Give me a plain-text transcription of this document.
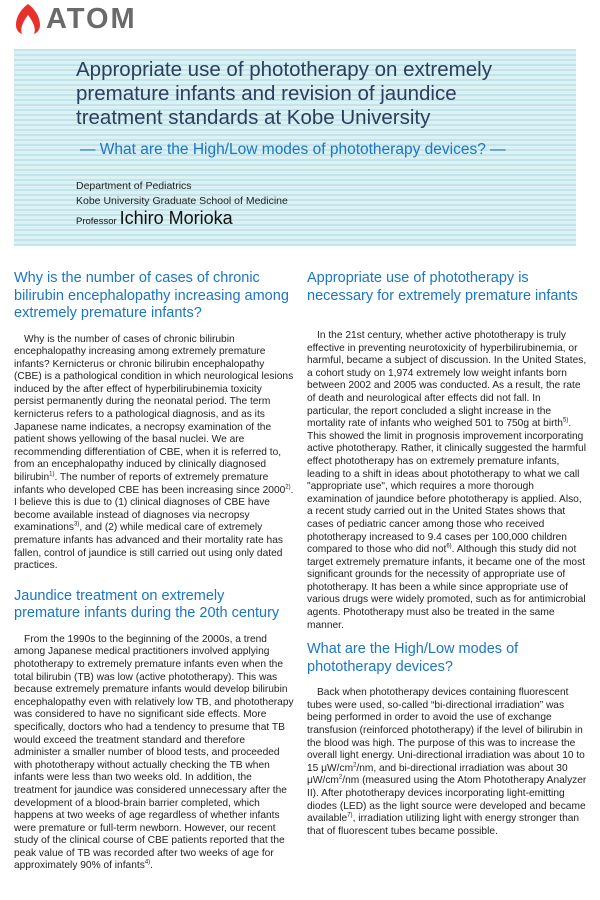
ATOM
Appropriate use of phototherapy on extremely premature infants and revision of jaundice treatment standards at Kobe University

— What are the High/Low modes of phototherapy devices? —

Department of Pediatrics
Kobe University Graduate School of Medicine
Professor Ichiro Morioka
Why is the number of cases of chronic bilirubin encephalopathy increasing among extremely premature infants?

Why is the number of cases of chronic bilirubin encephalopathy increasing among extremely premature infants? Kernicterus or chronic bilirubin encephalopathy (CBE) is a pathological condition in which neurological lesions induced by the after effect of hyperbilirubinemia toxicity persist permanently during the neonatal period. The term kernicterus refers to a pathological diagnosis, and as its Japanese name indicates, a necropsy examination of the patient shows yellowing of the basal nuclei. We are recommending differentiation of CBE, when it is referred to, from an encephalopathy induced by clinically diagnosed bilirubin$^{1)}$. The number of reports of extremely premature infants who developed CBE has been increasing since 2000$^{2)}$. I believe this is due to (1) clinical diagnoses of CBE have become available instead of diagnoses via necropsy examinations$^{3)}$, and (2) while medical care of extremely premature infants has advanced and their mortality rate has fallen, control of jaundice is still carried out using only dated practices.

Jaundice treatment on extremely premature infants during the 20th century

From the 1990s to the beginning of the 2000s, a trend among Japanese medical practitioners involved applying phototherapy to extremely premature infants even when the total bilirubin (TB) was low (active phototherapy). This was because extremely premature infants would develop bilirubin encephalopathy even with relatively low TB, and phototherapy was considered to have no significant side effects. More specifically, doctors who had a tendency to presume that TB would exceed the treatment standard and therefore administer a smaller number of blood tests, and proceeded with phototherapy without actually checking the TB when infants were less than two weeks old. In addition, the treatment for jaundice was considered unnecessary after the development of a blood-brain barrier completed, which happens at two weeks of age regardless of whether infants were premature or full-term newborn. However, our recent study of the clinical course of CBE patients reported that the peak value of TB was recorded after two weeks of age for approximately 90% of infants$^{4)}$.

Appropriate use of phototherapy is necessary for extremely premature infants

In the 21st century, whether active phototherapy is truly effective in preventing neurotoxicity of hyperbilirubinemia, or harmful, became a subject of discussion. In the United States, a cohort study on 1,974 extremely low weight infants born between 2002 and 2005 was conducted. As a result, the rate of death and neurological after effects did not fall. In particular, the report concluded a slight increase in the mortality rate of infants who weighed 501 to 750g at birth$^{5)}$. This showed the limit in prognosis improvement incorporating active phototherapy. Rather, it clinically suggested the harmful effect phototherapy has on extremely premature infants, leading to a shift in ideas about phototherapy to what we call "appropriate use", which requires a more thorough examination of jaundice before phototherapy is applied. Also, a recent study carried out in the United States shows that cases of pediatric cancer among those who received phototherapy increased to 9.4 cases per 100,000 children compared to those who did not$^{6)}$. Although this study did not target extremely premature infants, it became one of the most significant grounds for the necessity of appropriate use of phototherapy. It has been a while since appropriate use of various drugs were widely promoted, such as for antimicrobial agents. Phototherapy must also be treated in the same manner.

What are the High/Low modes of phototherapy devices?

Back when phototherapy devices containing fluorescent tubes were used, so-called “bi-directional irradiation” was being performed in order to avoid the use of exchange transfusion (reinforced phototherapy) if the level of bilirubin in the blood was high. The purpose of this was to increase the overall light energy. Uni-directional irradiation was about 10 to 15 $\mu W/cm^2/nm$, and bi-directional irradiation was about 30 $\mu W/cm^2/nm$ (measured using the Atom Phototherapy Analyzer II). After phototherapy devices incorporating light-emitting diodes (LED) as the light source were developed and became available$^{7)}$, irradiation utilizing light with energy stronger than that of fluorescent tubes became possible.
